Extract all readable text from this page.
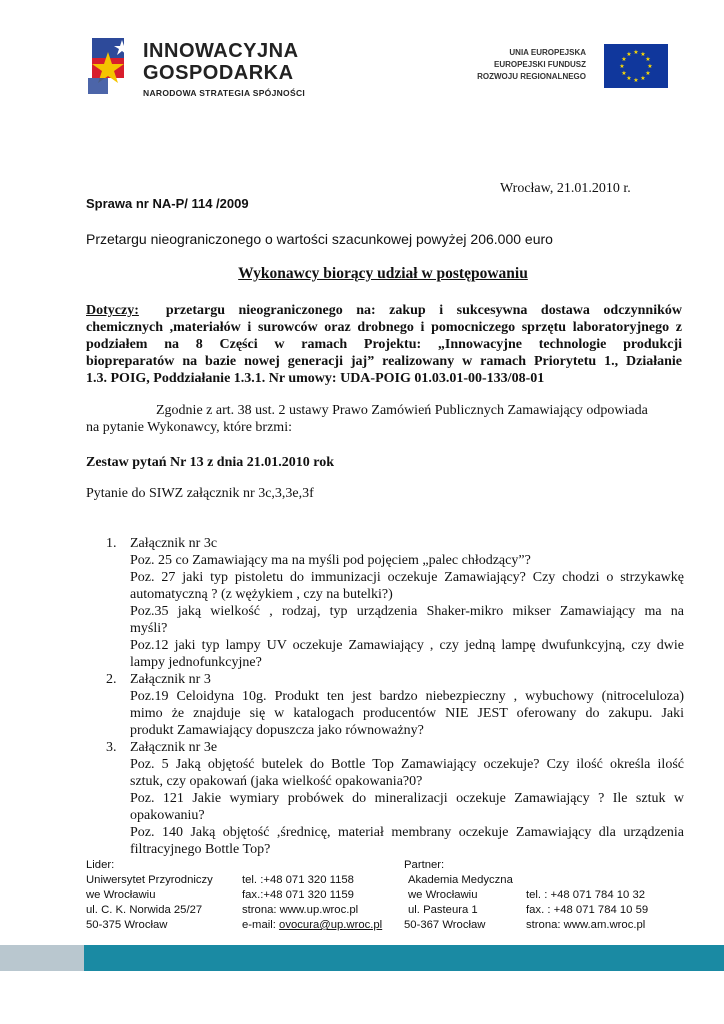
INNOWACYJNA
GOSPODARKA
NARODOWA STRATEGIA SPÓJNOŚCI
UNIA EUROPEJSKA
EUROPEJSKI FUNDUSZ
ROZWOJU REGIONALNEGO
★ ★
★
★
★
★
★
★
★
★
★
★
Wrocław, 21.01.2010 r.
Sprawa nr NA-P/ 114 /2009
Przetargu nieograniczonego o wartości szacunkowej powyżej 206.000 euro
Wykonawcy biorący udział w postępowaniu
Dotyczy: przetargu nieograniczonego na: zakup i sukcesywna dostawa odczynników
chemicznych ,materiałów i surowców oraz drobnego i pomocniczego sprzętu laboratoryjnego z
podziałem na 8 Części w ramach Projektu: „Innowacyjne technologie produkcji
biopreparatów na bazie nowej generacji jaj” realizowany w ramach Priorytetu 1., Działanie
1.3. POIG, Poddziałanie 1.3.1. Nr umowy: UDA-POIG 01.03.01-00-133/08-01
Zgodnie z art. 38 ust. 2 ustawy Prawo Zamówień Publicznych Zamawiający odpowiada
na pytanie Wykonawcy, które brzmi:
Zestaw pytań Nr 13 z dnia 21.01.2010 rok
Pytanie do SIWZ załącznik nr 3c,3,3e,3f
1. Załącznik nr 3c
Poz. 25 co Zamawiający ma na myśli pod pojęciem „palec chłodzący”?
Poz. 27 jaki typ pistoletu do immunizacji oczekuje Zamawiający? Czy chodzi o strzykawkę
automatyczną ? (z wężykiem , czy na butelki?)
Poz.35 jaką wielkość , rodzaj, typ urządzenia Shaker-mikro mikser Zamawiający ma na
myśli?
Poz.12 jaki typ lampy UV oczekuje Zamawiający , czy jedną lampę dwufunkcyjną, czy dwie
lampy jednofunkcyjne?
2. Załącznik nr 3
Poz.19 Celoidyna 10g. Produkt ten jest bardzo niebezpieczny , wybuchowy (nitroceluloza)
mimo że znajduje się w katalogach producentów NIE JEST oferowany do zakupu. Jaki
produkt Zamawiający dopuszcza jako równoważny?
3. Załącznik nr 3e
Poz. 5 Jaką objętość butelek do Bottle Top Zamawiający oczekuje? Czy ilość określa ilość
sztuk, czy opakowań (jaka wielkość opakowania?0?
Poz. 121 Jakie wymiary probówek do mineralizacji oczekuje Zamawiający ? Ile sztuk w
opakowaniu?
Poz. 140 Jaką objętość ,średnicę, materiał membrany oczekuje Zamawiający dla urządzenia
filtracyjnego Bottle Top?
Lider:
Uniwersytet Przyrodniczy
we Wrocławiu
ul. C. K. Norwida 25/27
50-375 Wrocław
tel. :+48 071 320 1158
fax.:+48 071 320 1159
strona: www.up.wroc.pl
e-mail: ovocura@up.wroc.pl
Partner:
Akademia Medyczna
we Wrocławiu
ul. Pasteura 1
50-367 Wrocław
tel. : +48 071 784 10 32
fax. : +48 071 784 10 59
strona: www.am.wroc.pl
